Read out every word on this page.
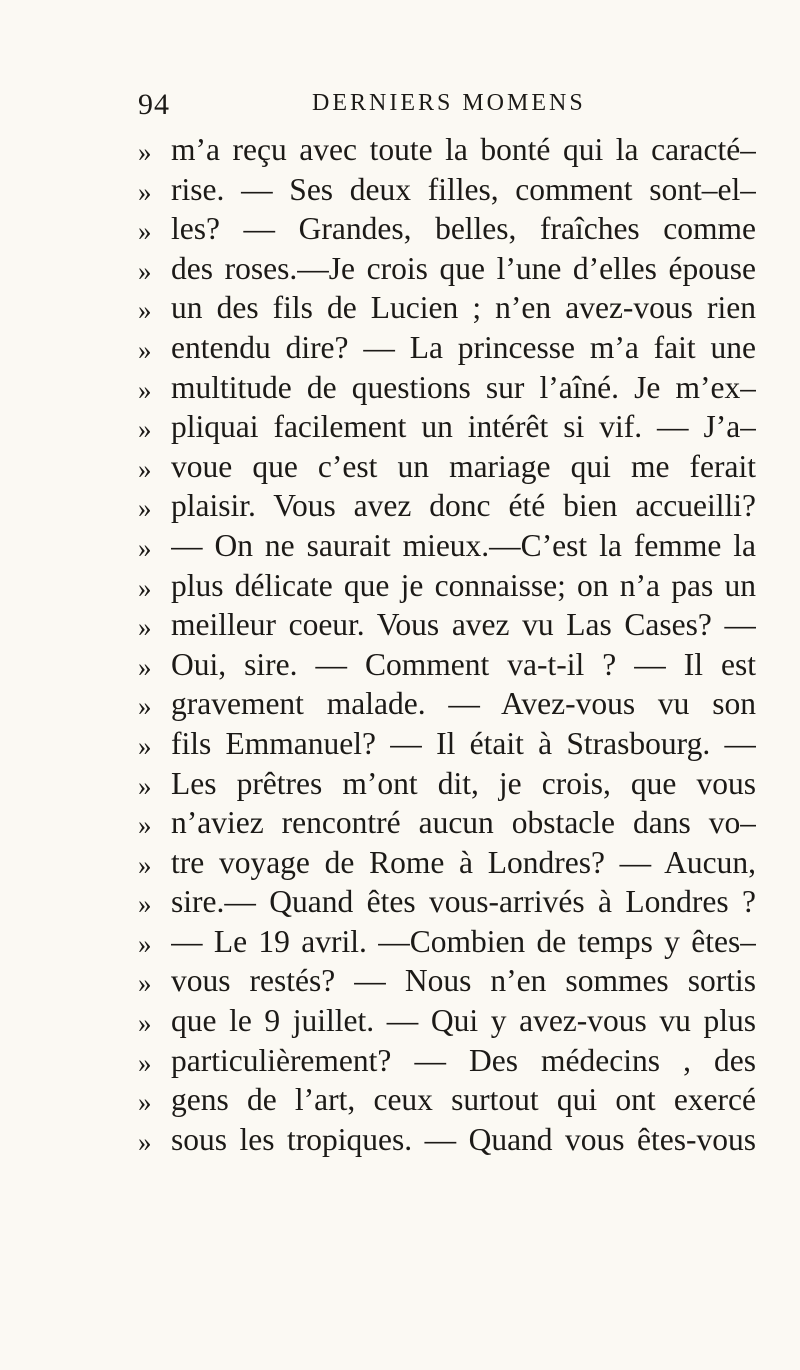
94	DERNIERS MOMENS
» m’a reçu avec toute la bonté qui la caracté–
» rise. — Ses deux filles, comment sont–el–
» les? — Grandes, belles, fraîches comme
» des roses.—Je crois que l’une d’elles épouse
» un des fils de Lucien ; n’en avez-vous rien
» entendu dire? — La princesse m’a fait une
» multitude de questions sur l’aîné. Je m’ex–
» pliquai facilement un intérêt si vif. — J’a–
» voue que c’est un mariage qui me ferait
» plaisir. Vous avez donc été bien accueilli?
» — On ne saurait mieux.—C’est la femme la
» plus délicate que je connaisse; on n’a pas un
» meilleur coeur. Vous avez vu Las Cases? —
» Oui, sire. — Comment va-t-il ? — Il est
» gravement malade. — Avez-vous vu son
» fils Emmanuel? — Il était à Strasbourg. —
» Les prêtres m’ont dit, je crois, que vous
» n’aviez rencontré aucun obstacle dans vo–
» tre voyage de Rome à Londres? — Aucun,
» sire.— Quand êtes vous-arrivés à Londres ?
» — Le 19 avril. —Combien de temps y êtes–
» vous restés? — Nous n’en sommes sortis
» que le 9 juillet. — Qui y avez-vous vu plus
» particulièrement? — Des médecins , des
» gens de l’art, ceux surtout qui ont exercé
» sous les tropiques. — Quand vous êtes-vous
